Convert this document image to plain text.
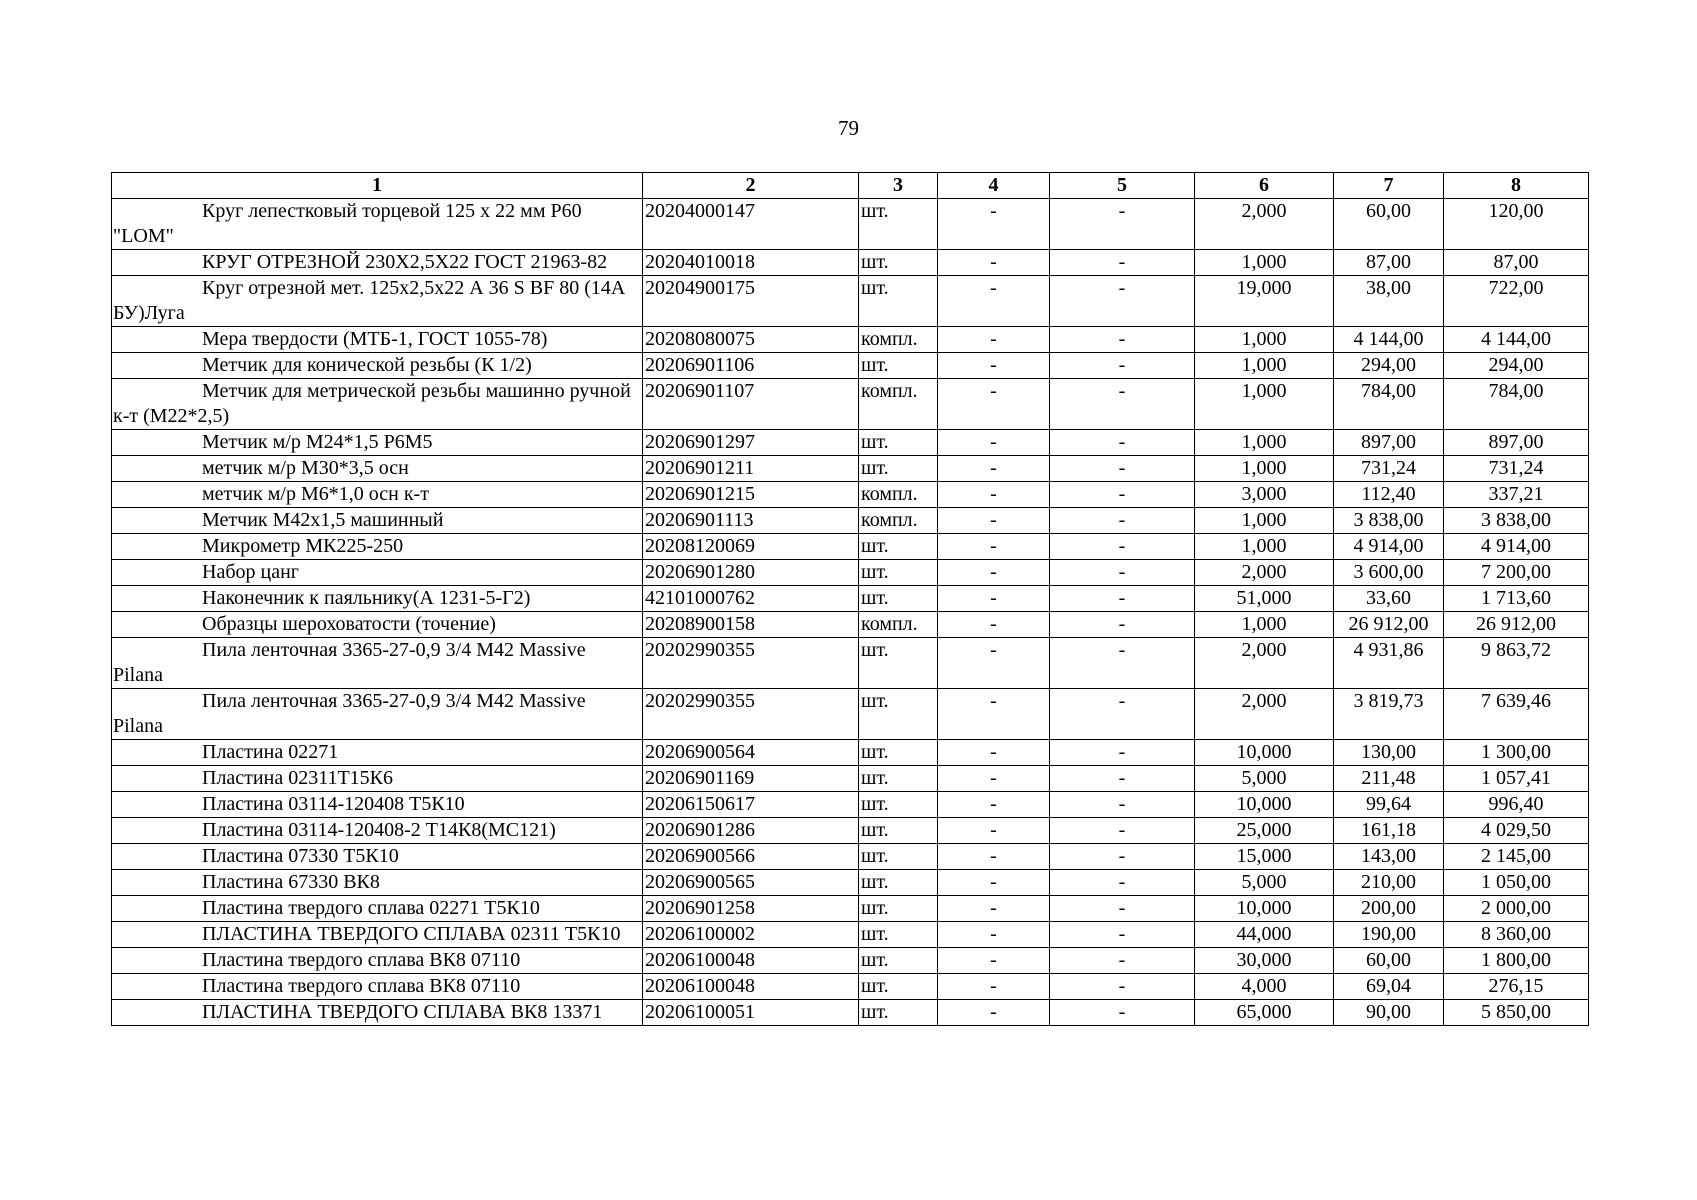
79
1	2	3	4	5	6	7	8
Круг лепестковый торцевой 125 х 22 мм Р60 "LOM"	20204000147	шт.	-	-	2,000	60,00	120,00
КРУГ ОТРЕЗНОЙ 230Х2,5Х22 ГОСТ 21963-82	20204010018	шт.	-	-	1,000	87,00	87,00
Круг отрезной мет. 125х2,5х22 А 36 S BF 80 (14А БУ)Луга	20204900175	шт.	-	-	19,000	38,00	722,00
Мера твердости (МТБ-1, ГОСТ 1055-78)	20208080075	компл.	-	-	1,000	4 144,00	4 144,00
Метчик для конической резьбы (К 1/2)	20206901106	шт.	-	-	1,000	294,00	294,00
Метчик для метрической резьбы машинно ручной к-т (М22*2,5)	20206901107	компл.	-	-	1,000	784,00	784,00
Метчик м/р М24*1,5 Р6М5	20206901297	шт.	-	-	1,000	897,00	897,00
метчик м/р М30*3,5 осн	20206901211	шт.	-	-	1,000	731,24	731,24
метчик м/р М6*1,0 осн к-т	20206901215	компл.	-	-	3,000	112,40	337,21
Метчик М42х1,5 машинный	20206901113	компл.	-	-	1,000	3 838,00	3 838,00
Микрометр МК225-250	20208120069	шт.	-	-	1,000	4 914,00	4 914,00
Набор цанг	20206901280	шт.	-	-	2,000	3 600,00	7 200,00
Наконечник к паяльнику(А 1231-5-Г2)	42101000762	шт.	-	-	51,000	33,60	1 713,60
Образцы шероховатости (точение)	20208900158	компл.	-	-	1,000	26 912,00	26 912,00
Пила ленточная 3365-27-0,9 3/4 М42 Massive Pilana	20202990355	шт.	-	-	2,000	4 931,86	9 863,72
Пила ленточная 3365-27-0,9 3/4 М42 Massive Pilana	20202990355	шт.	-	-	2,000	3 819,73	7 639,46
Пластина 02271	20206900564	шт.	-	-	10,000	130,00	1 300,00
Пластина 02311Т15К6	20206901169	шт.	-	-	5,000	211,48	1 057,41
Пластина 03114-120408 Т5К10	20206150617	шт.	-	-	10,000	99,64	996,40
Пластина 03114-120408-2 Т14К8(МС121)	20206901286	шт.	-	-	25,000	161,18	4 029,50
Пластина 07330 Т5К10	20206900566	шт.	-	-	15,000	143,00	2 145,00
Пластина 67330 ВК8	20206900565	шт.	-	-	5,000	210,00	1 050,00
Пластина твердого сплава 02271 Т5К10	20206901258	шт.	-	-	10,000	200,00	2 000,00
ПЛАСТИНА ТВЕРДОГО СПЛАВА 02311 Т5К10	20206100002	шт.	-	-	44,000	190,00	8 360,00
Пластина твердого сплава ВК8 07110	20206100048	шт.	-	-	30,000	60,00	1 800,00
Пластина твердого сплава ВК8 07110	20206100048	шт.	-	-	4,000	69,04	276,15
ПЛАСТИНА ТВЕРДОГО СПЛАВА ВК8 13371	20206100051	шт.	-	-	65,000	90,00	5 850,00
